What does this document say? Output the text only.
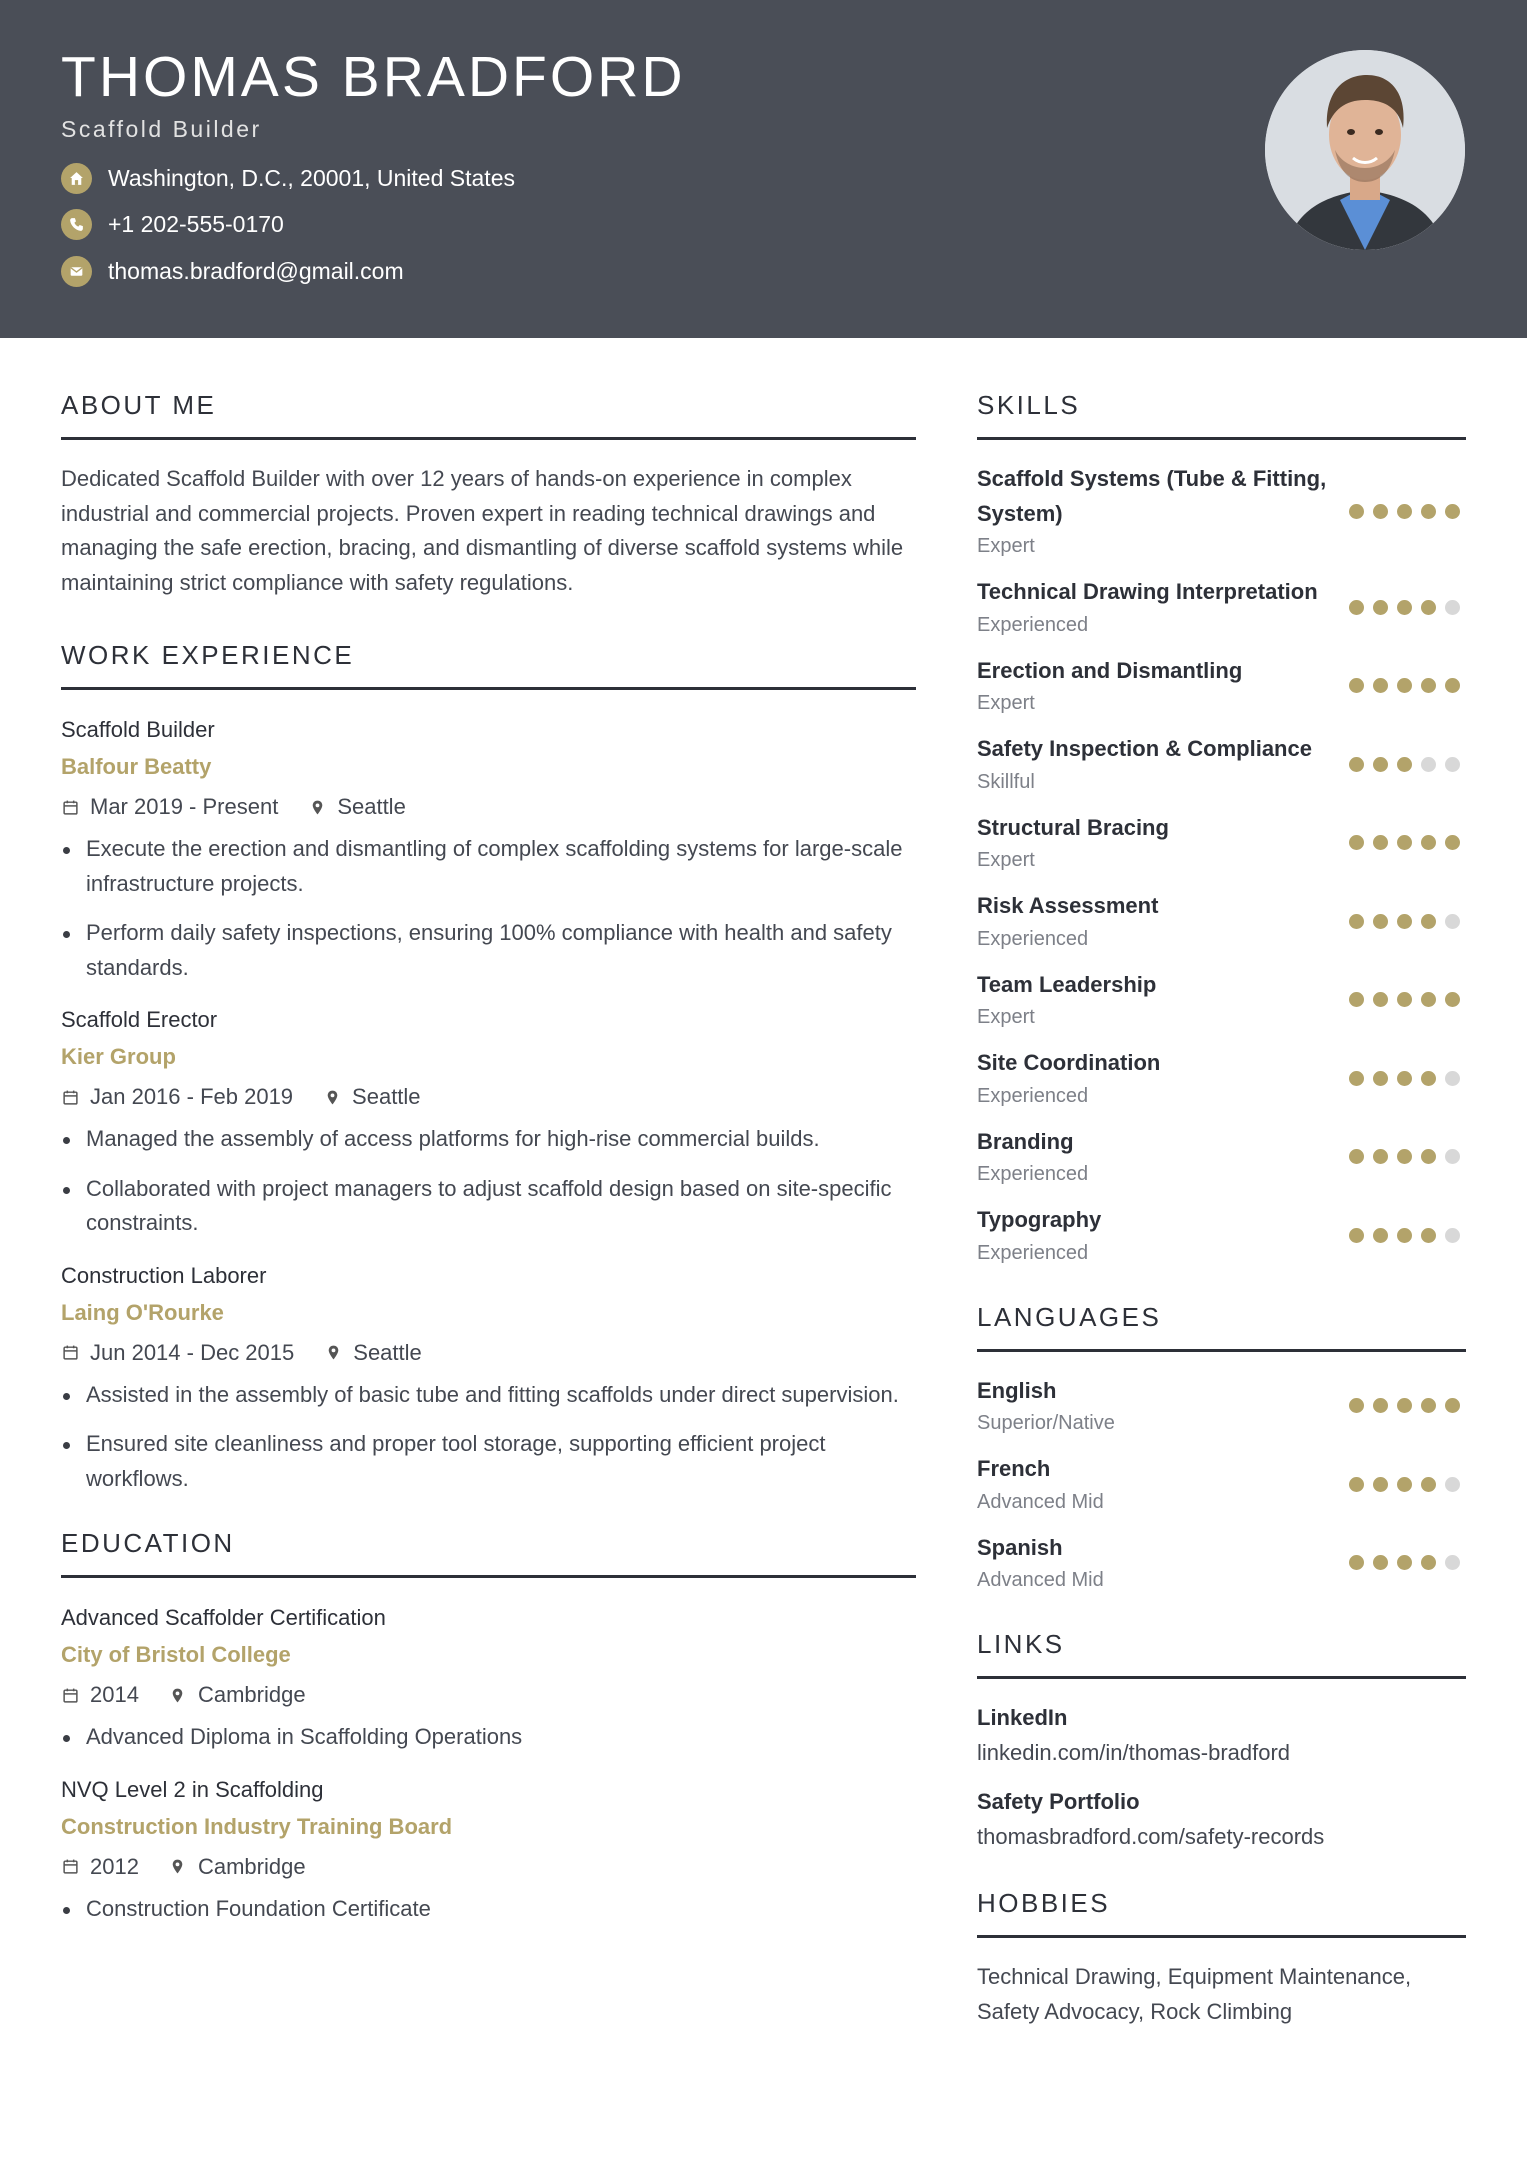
THOMAS BRADFORD
Scaffold Builder
Washington, D.C., 20001, United States
+1 202-555-0170
thomas.bradford@gmail.com
ABOUT ME
Dedicated Scaffold Builder with over 12 years of hands-on experience in complex industrial and commercial projects. Proven expert in reading technical drawings and managing the safe erection, bracing, and dismantling of diverse scaffold systems while maintaining strict compliance with safety regulations.
WORK EXPERIENCE
Scaffold Builder
Balfour Beatty
Mar 2019 - Present	Seattle
Execute the erection and dismantling of complex scaffolding systems for large-scale infrastructure projects.
Perform daily safety inspections, ensuring 100% compliance with health and safety standards.
Scaffold Erector
Kier Group
Jan 2016 - Feb 2019	Seattle
Managed the assembly of access platforms for high-rise commercial builds.
Collaborated with project managers to adjust scaffold design based on site-specific constraints.
Construction Laborer
Laing O'Rourke
Jun 2014 - Dec 2015	Seattle
Assisted in the assembly of basic tube and fitting scaffolds under direct supervision.
Ensured site cleanliness and proper tool storage, supporting efficient project workflows.
EDUCATION
Advanced Scaffolder Certification
City of Bristol College
2014	Cambridge
Advanced Diploma in Scaffolding Operations
NVQ Level 2 in Scaffolding
Construction Industry Training Board
2012	Cambridge
Construction Foundation Certificate
SKILLS
Scaffold Systems (Tube & Fitting, System)
Expert
Technical Drawing Interpretation
Experienced
Erection and Dismantling
Expert
Safety Inspection & Compliance
Skillful
Structural Bracing
Expert
Risk Assessment
Experienced
Team Leadership
Expert
Site Coordination
Experienced
Branding
Experienced
Typography
Experienced
LANGUAGES
English
Superior/Native
French
Advanced Mid
Spanish
Advanced Mid
LINKS
LinkedIn
linkedin.com/in/thomas-bradford
Safety Portfolio
thomasbradford.com/safety-records
HOBBIES
Technical Drawing, Equipment Maintenance, Safety Advocacy, Rock Climbing
